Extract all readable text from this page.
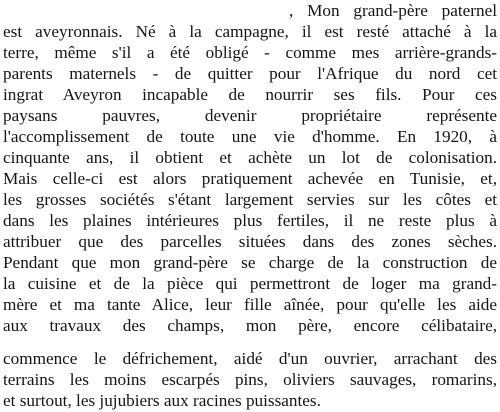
, Mon grand-père paternel
est aveyronnais. Né à la campagne, il est resté attaché à la
terre, même s'il a été obligé - comme mes arrière-grands-
parents maternels - de quitter pour l'Afrique du nord cet
ingrat Aveyron incapable de nourrir ses fils. Pour ces
paysans pauvres, devenir propriétaire représente
l'accomplissement de toute une vie d'homme. En 1920, à
cinquante ans, il obtient et achète un lot de colonisation.
Mais celle-ci est alors pratiquement achevée en Tunisie, et,
les grosses sociétés s'étant largement servies sur les côtes et
dans les plaines intérieures plus fertiles, il ne reste plus à
attribuer que des parcelles situées dans des zones sèches.
Pendant que mon grand-père se charge de la construction de
la cuisine et de la pièce qui permettront de loger ma grand-
mère et ma tante Alice, leur fille aînée, pour qu'elle les aide
aux travaux des champs, mon père, encore célibataire,
commence le défrichement, aidé d'un ouvrier, arrachant des
terrains les moins escarpés pins, oliviers sauvages, romarins,
et surtout, les jujubiers aux racines puissantes.
